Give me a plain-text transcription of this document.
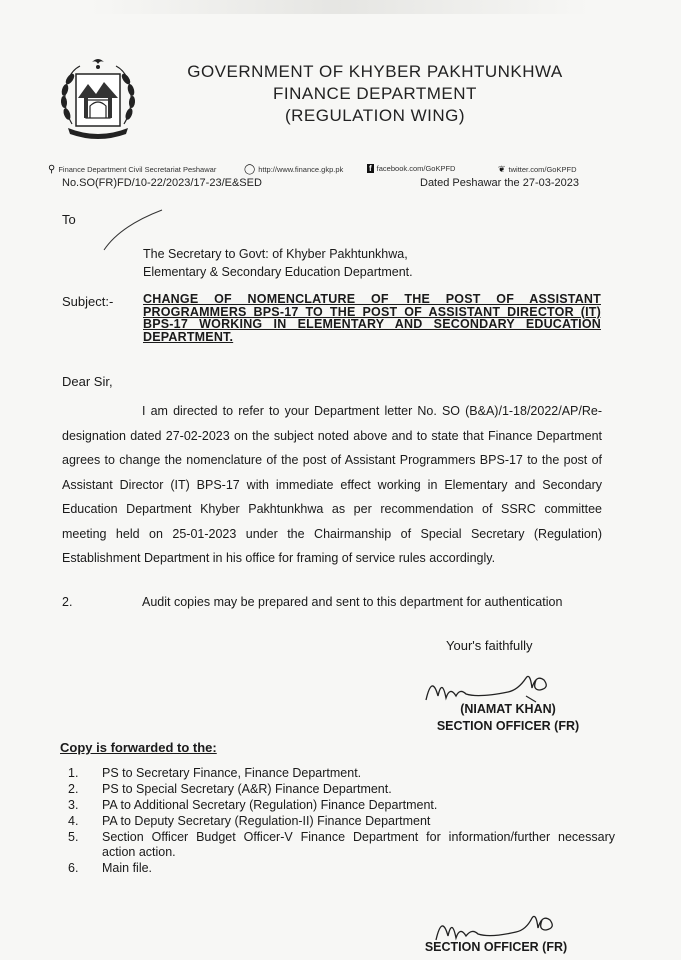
GOVERNMENT OF KHYBER PAKHTUNKHWA
FINANCE DEPARTMENT
(REGULATION WING)
⚲ Finance Department Civil Secretariat Peshawar	◯ http://www.finance.gkp.pk	f facebook.com/GoKPFD	❦ twitter.com/GoKPFD
No.SO(FR)FD/10-22/2023/17-23/E&SED	Dated Peshawar the 27-03-2023
To
The Secretary to Govt: of Khyber Pakhtunkhwa,
Elementary & Secondary Education Department.
Subject:- CHANGE OF NOMENCLATURE OF THE POST OF ASSISTANT PROGRAMMERS BPS-17 TO THE POST OF ASSISTANT DIRECTOR (IT) BPS-17 WORKING IN ELEMENTARY AND SECONDARY EDUCATION DEPARTMENT.
Dear Sir,
I am directed to refer to your Department letter No. SO (B&A)/1-18/2022/AP/Re-designation dated 27-02-2023 on the subject noted above and to state that Finance Department agrees to change the nomenclature of the post of Assistant Programmers BPS-17 to the post of Assistant Director (IT) BPS-17 with immediate effect working in Elementary and Secondary Education Department Khyber Pakhtunkhwa as per recommendation of SSRC committee meeting held on 25-01-2023 under the Chairmanship of Special Secretary (Regulation) Establishment Department in his office for framing of service rules accordingly.
2.	Audit copies may be prepared and sent to this department for authentication
Your's faithfully
(NIAMAT KHAN)
SECTION OFFICER (FR)
Copy is forwarded to the:
1.	PS to Secretary Finance, Finance Department.
2.	PS to Special Secretary (A&R) Finance Department.
3.	PA to Additional Secretary (Regulation) Finance Department.
4.	PA to Deputy Secretary (Regulation-II) Finance Department
5.	Section Officer Budget Officer-V Finance Department for information/further necessary action action.
6.	Main file.
SECTION OFFICER (FR)
